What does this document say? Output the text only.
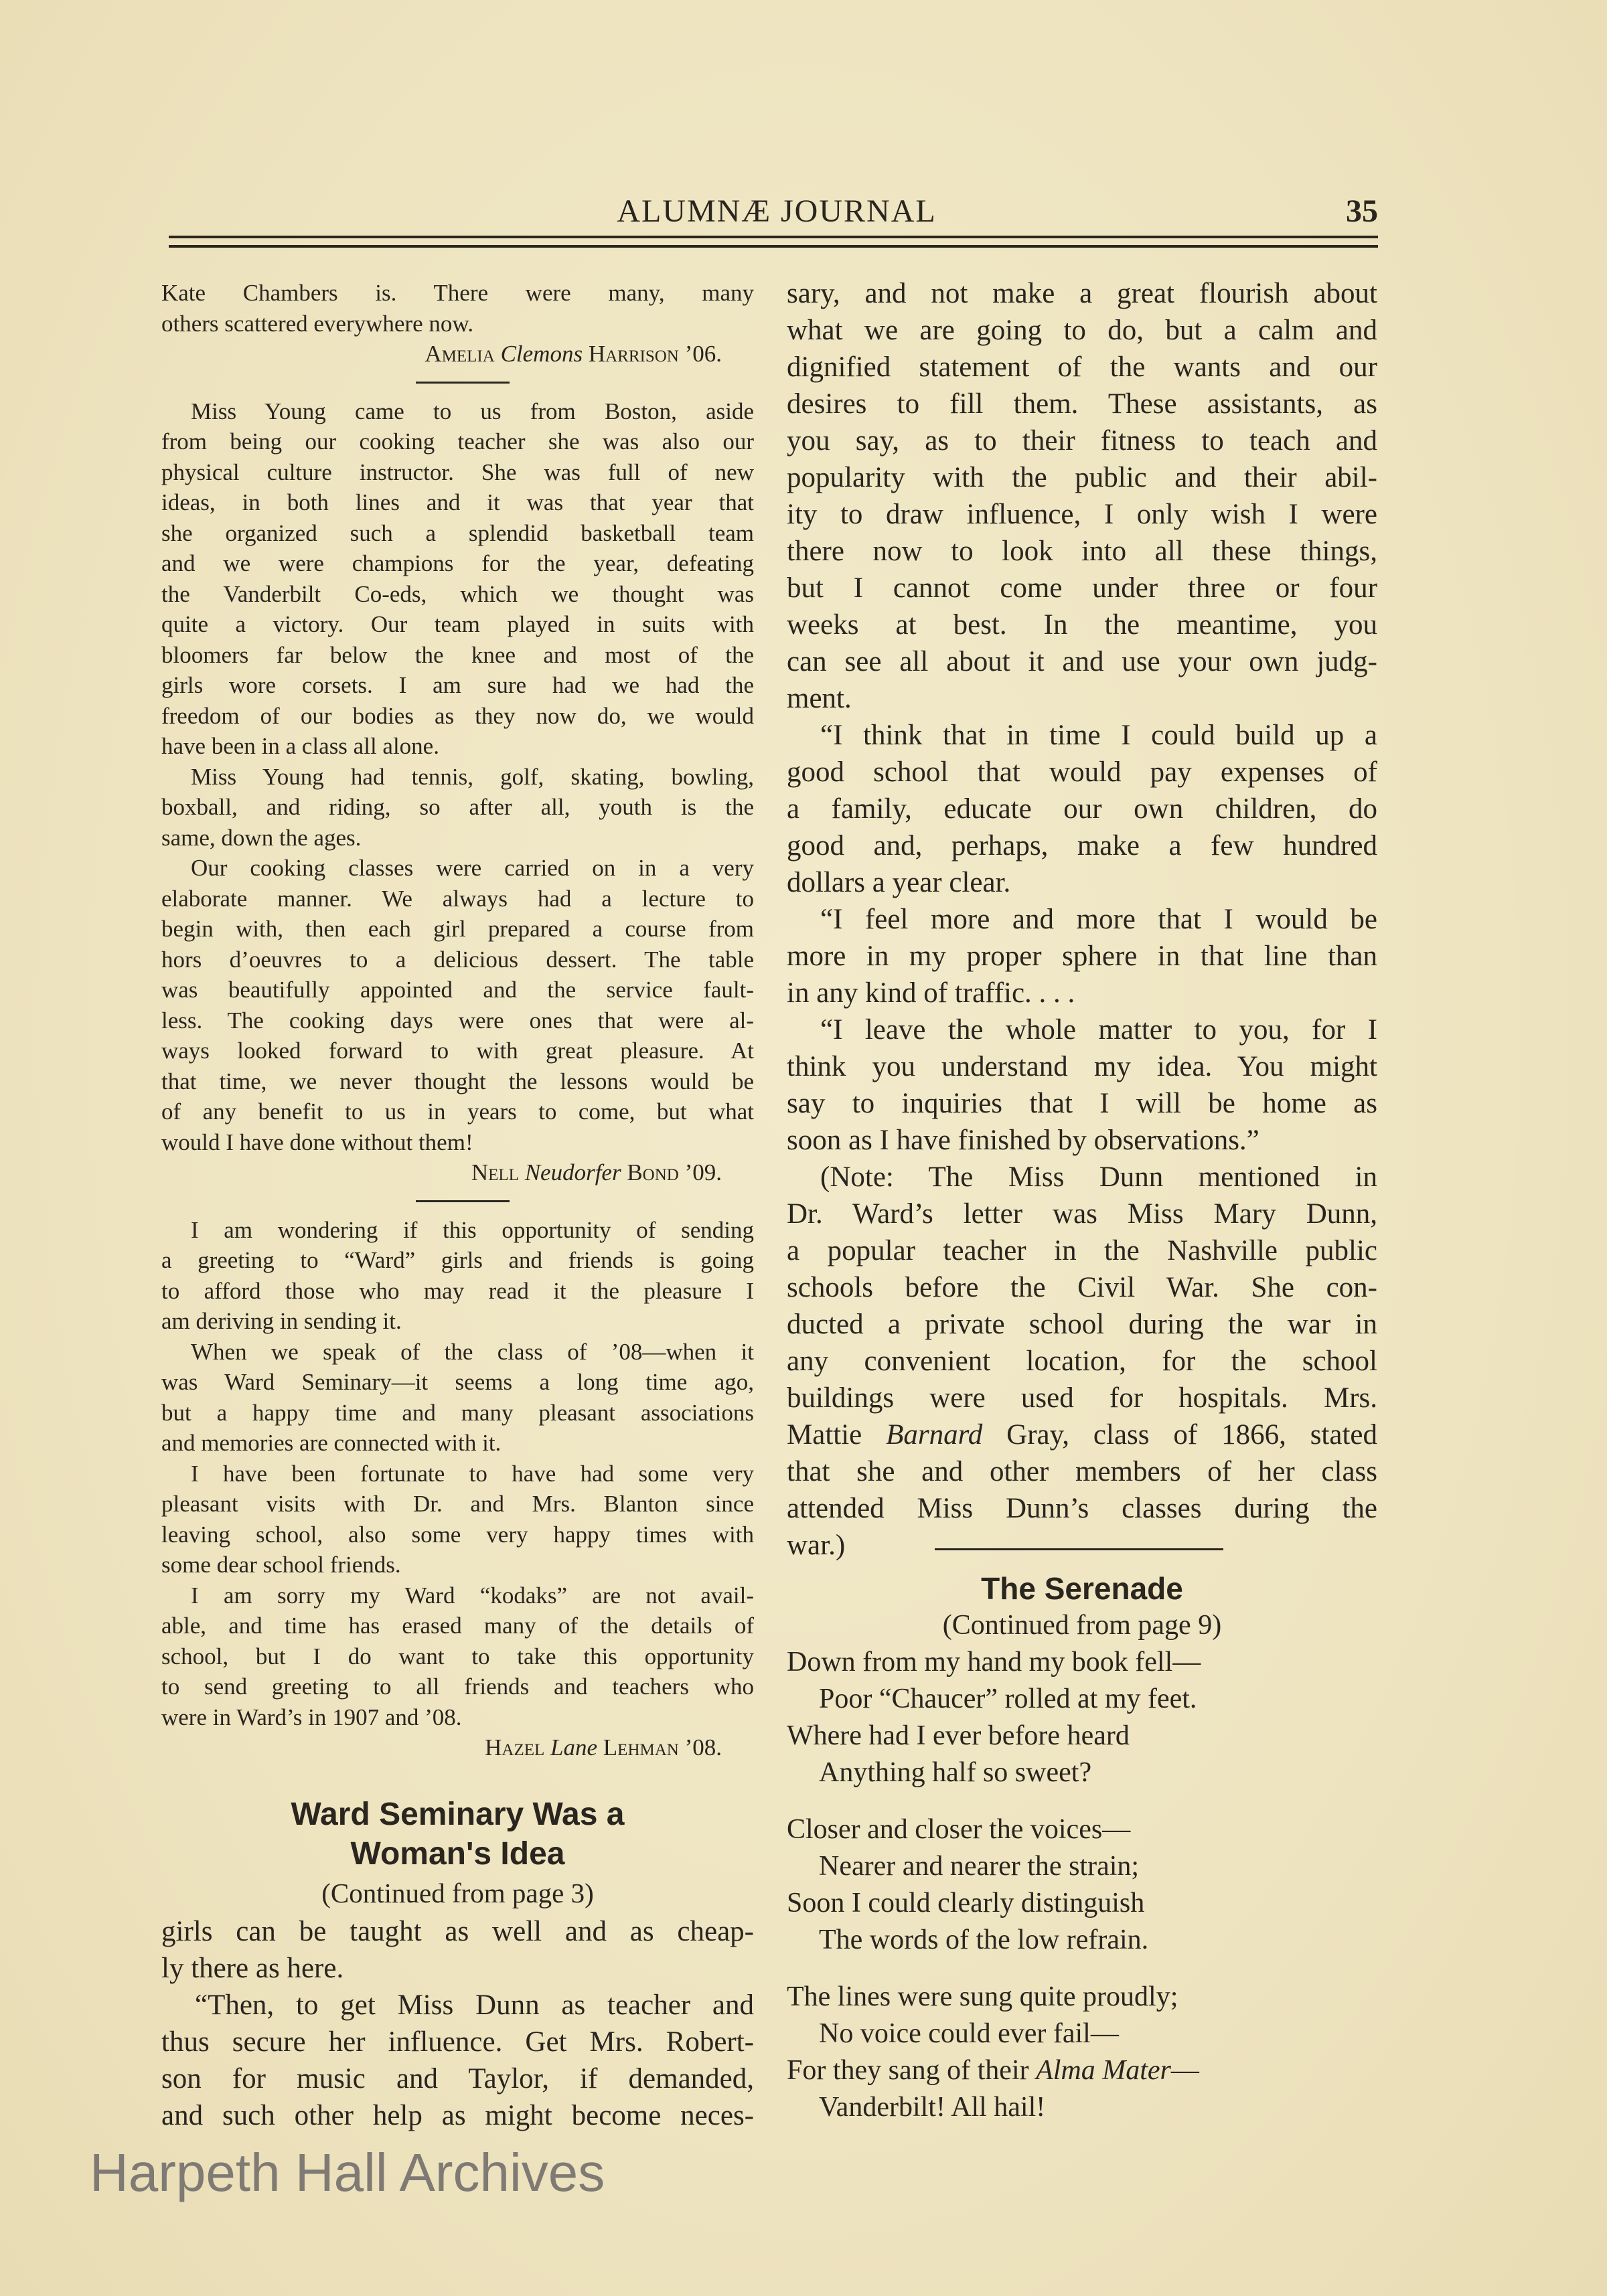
ALUMNÆ JOURNAL	35
Kate Chambers is. There were many, many
others scattered everywhere now.
Amelia Clemons Harrison ’06.
Miss Young came to us from Boston, aside
from being our cooking teacher she was also our
physical culture instructor. She was full of new
ideas, in both lines and it was that year that
she organized such a splendid basketball team
and we were champions for the year, defeating
the Vanderbilt Co-eds, which we thought was
quite a victory. Our team played in suits with
bloomers far below the knee and most of the
girls wore corsets. I am sure had we had the
freedom of our bodies as they now do, we would
have been in a class all alone.
Miss Young had tennis, golf, skating, bowling,
boxball, and riding, so after all, youth is the
same, down the ages.
Our cooking classes were carried on in a very
elaborate manner. We always had a lecture to
begin with, then each girl prepared a course from
hors d’oeuvres to a delicious dessert. The table
was beautifully appointed and the service fault-
less. The cooking days were ones that were al-
ways looked forward to with great pleasure. At
that time, we never thought the lessons would be
of any benefit to us in years to come, but what
would I have done without them!
Nell Neudorfer Bond ’09.
I am wondering if this opportunity of sending
a greeting to “Ward” girls and friends is going
to afford those who may read it the pleasure I
am deriving in sending it.
When we speak of the class of ’08—when it
was Ward Seminary—it seems a long time ago,
but a happy time and many pleasant associations
and memories are connected with it.
I have been fortunate to have had some very
pleasant visits with Dr. and Mrs. Blanton since
leaving school, also some very happy times with
some dear school friends.
I am sorry my Ward “kodaks” are not avail-
able, and time has erased many of the details of
school, but I do want to take this opportunity
to send greeting to all friends and teachers who
were in Ward’s in 1907 and ’08.
Hazel Lane Lehman ’08.
Ward Seminary Was a
Woman's Idea
(Continued from page 3)
girls can be taught as well and as cheap-
ly there as here.
“Then, to get Miss Dunn as teacher and
thus secure her influence. Get Mrs. Robert-
son for music and Taylor, if demanded,
and such other help as might become neces-
sary, and not make a great flourish about
what we are going to do, but a calm and
dignified statement of the wants and our
desires to fill them. These assistants, as
you say, as to their fitness to teach and
popularity with the public and their abil-
ity to draw influence, I only wish I were
there now to look into all these things,
but I cannot come under three or four
weeks at best. In the meantime, you
can see all about it and use your own judg-
ment.
“I think that in time I could build up a
good school that would pay expenses of
a family, educate our own children, do
good and, perhaps, make a few hundred
dollars a year clear.
“I feel more and more that I would be
more in my proper sphere in that line than
in any kind of traffic. . . .
“I leave the whole matter to you, for I
think you understand my idea. You might
say to inquiries that I will be home as
soon as I have finished by observations.”
(Note: The Miss Dunn mentioned in
Dr. Ward’s letter was Miss Mary Dunn,
a popular teacher in the Nashville public
schools before the Civil War. She con-
ducted a private school during the war in
any convenient location, for the school
buildings were used for hospitals. Mrs.
Mattie Barnard Gray, class of 1866, stated
that she and other members of her class
attended Miss Dunn’s classes during the
war.)
The Serenade
(Continued from page 9)
Down from my hand my book fell—
Poor “Chaucer” rolled at my feet.
Where had I ever before heard
Anything half so sweet?
Closer and closer the voices—
Nearer and nearer the strain;
Soon I could clearly distinguish
The words of the low refrain.
The lines were sung quite proudly;
No voice could ever fail—
For they sang of their Alma Mater—
Vanderbilt! All hail!
Harpeth Hall Archives
